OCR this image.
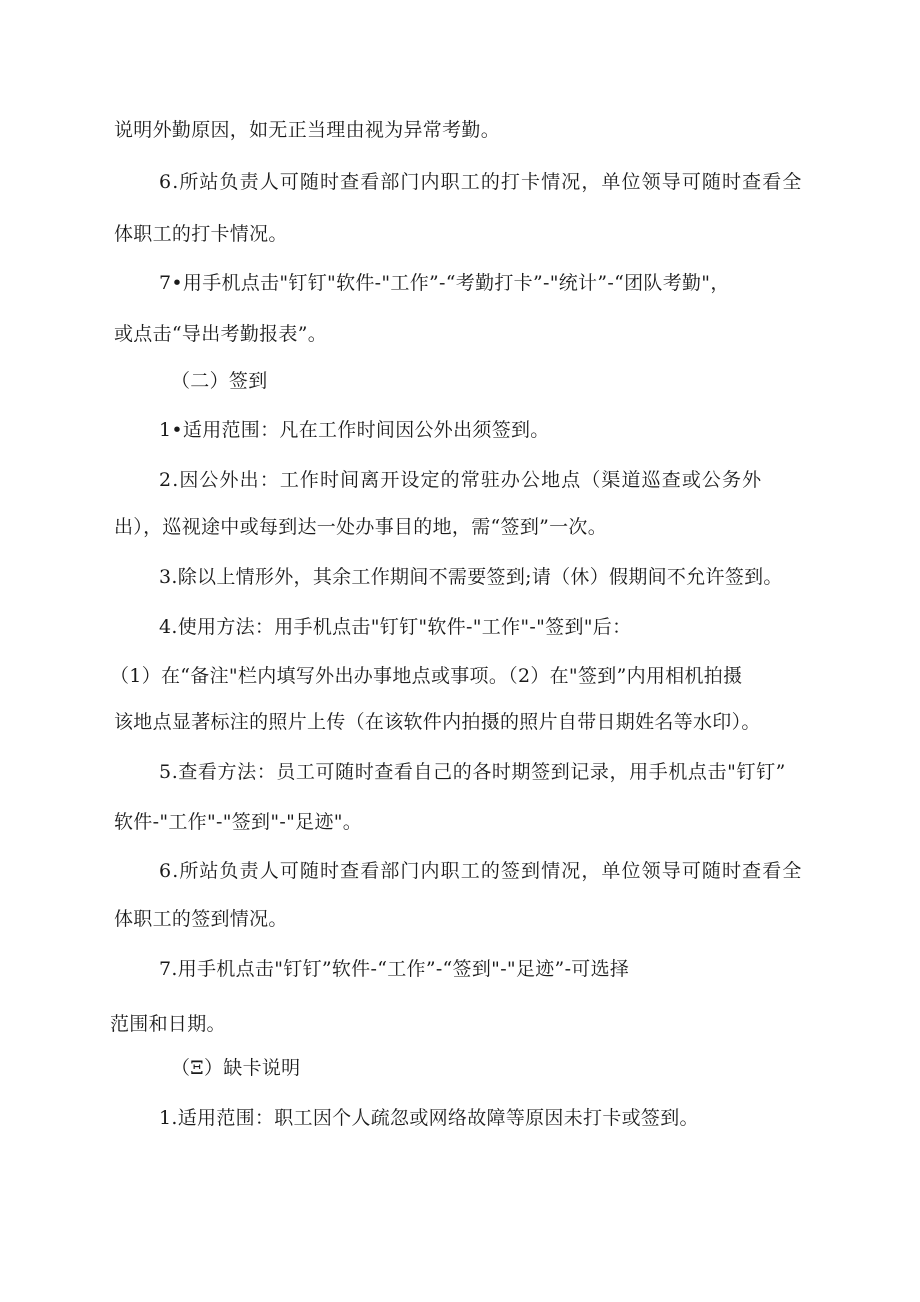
说明外勤原因，如无正当理由视为异常考勤。
6.所站负责人可随时查看部门内职工的打卡情况，单位领导可随时查看全
体职工的打卡情况。
7•用手机点击"钉钉"软件-"工作”-“考勤打卡”-"统计”-“团队考勤"，
或点击“导出考勤报表”。
（二）签到
1•适用范围：凡在工作时间因公外出须签到。
2.因公外出：工作时间离开设定的常驻办公地点（渠道巡查或公务外
出），巡视途中或每到达一处办事目的地，需“签到”一次。
3.除以上情形外，其余工作期间不需要签到;请（休）假期间不允许签到。
4.使用方法：用手机点击"钉钉"软件-"工作"-"签到"后：
（1）在“备注"栏内填写外出办事地点或事项。（2）在"签到”内用相机拍摄
该地点显著标注的照片上传（在该软件内拍摄的照片自带日期姓名等水印）。
5.查看方法：员工可随时查看自己的各时期签到记录，用手机点击"钉钉”
软件-"工作"-"签到"-"足迹"。
6.所站负责人可随时查看部门内职工的签到情况，单位领导可随时查看全
体职工的签到情况。
7.用手机点击"钉钉”软件-“工作”-“签到"-"足迹”-可选择
范围和日期。
（Ξ）缺卡说明
1.适用范围：职工因个人疏忽或网络故障等原因未打卡或签到。
